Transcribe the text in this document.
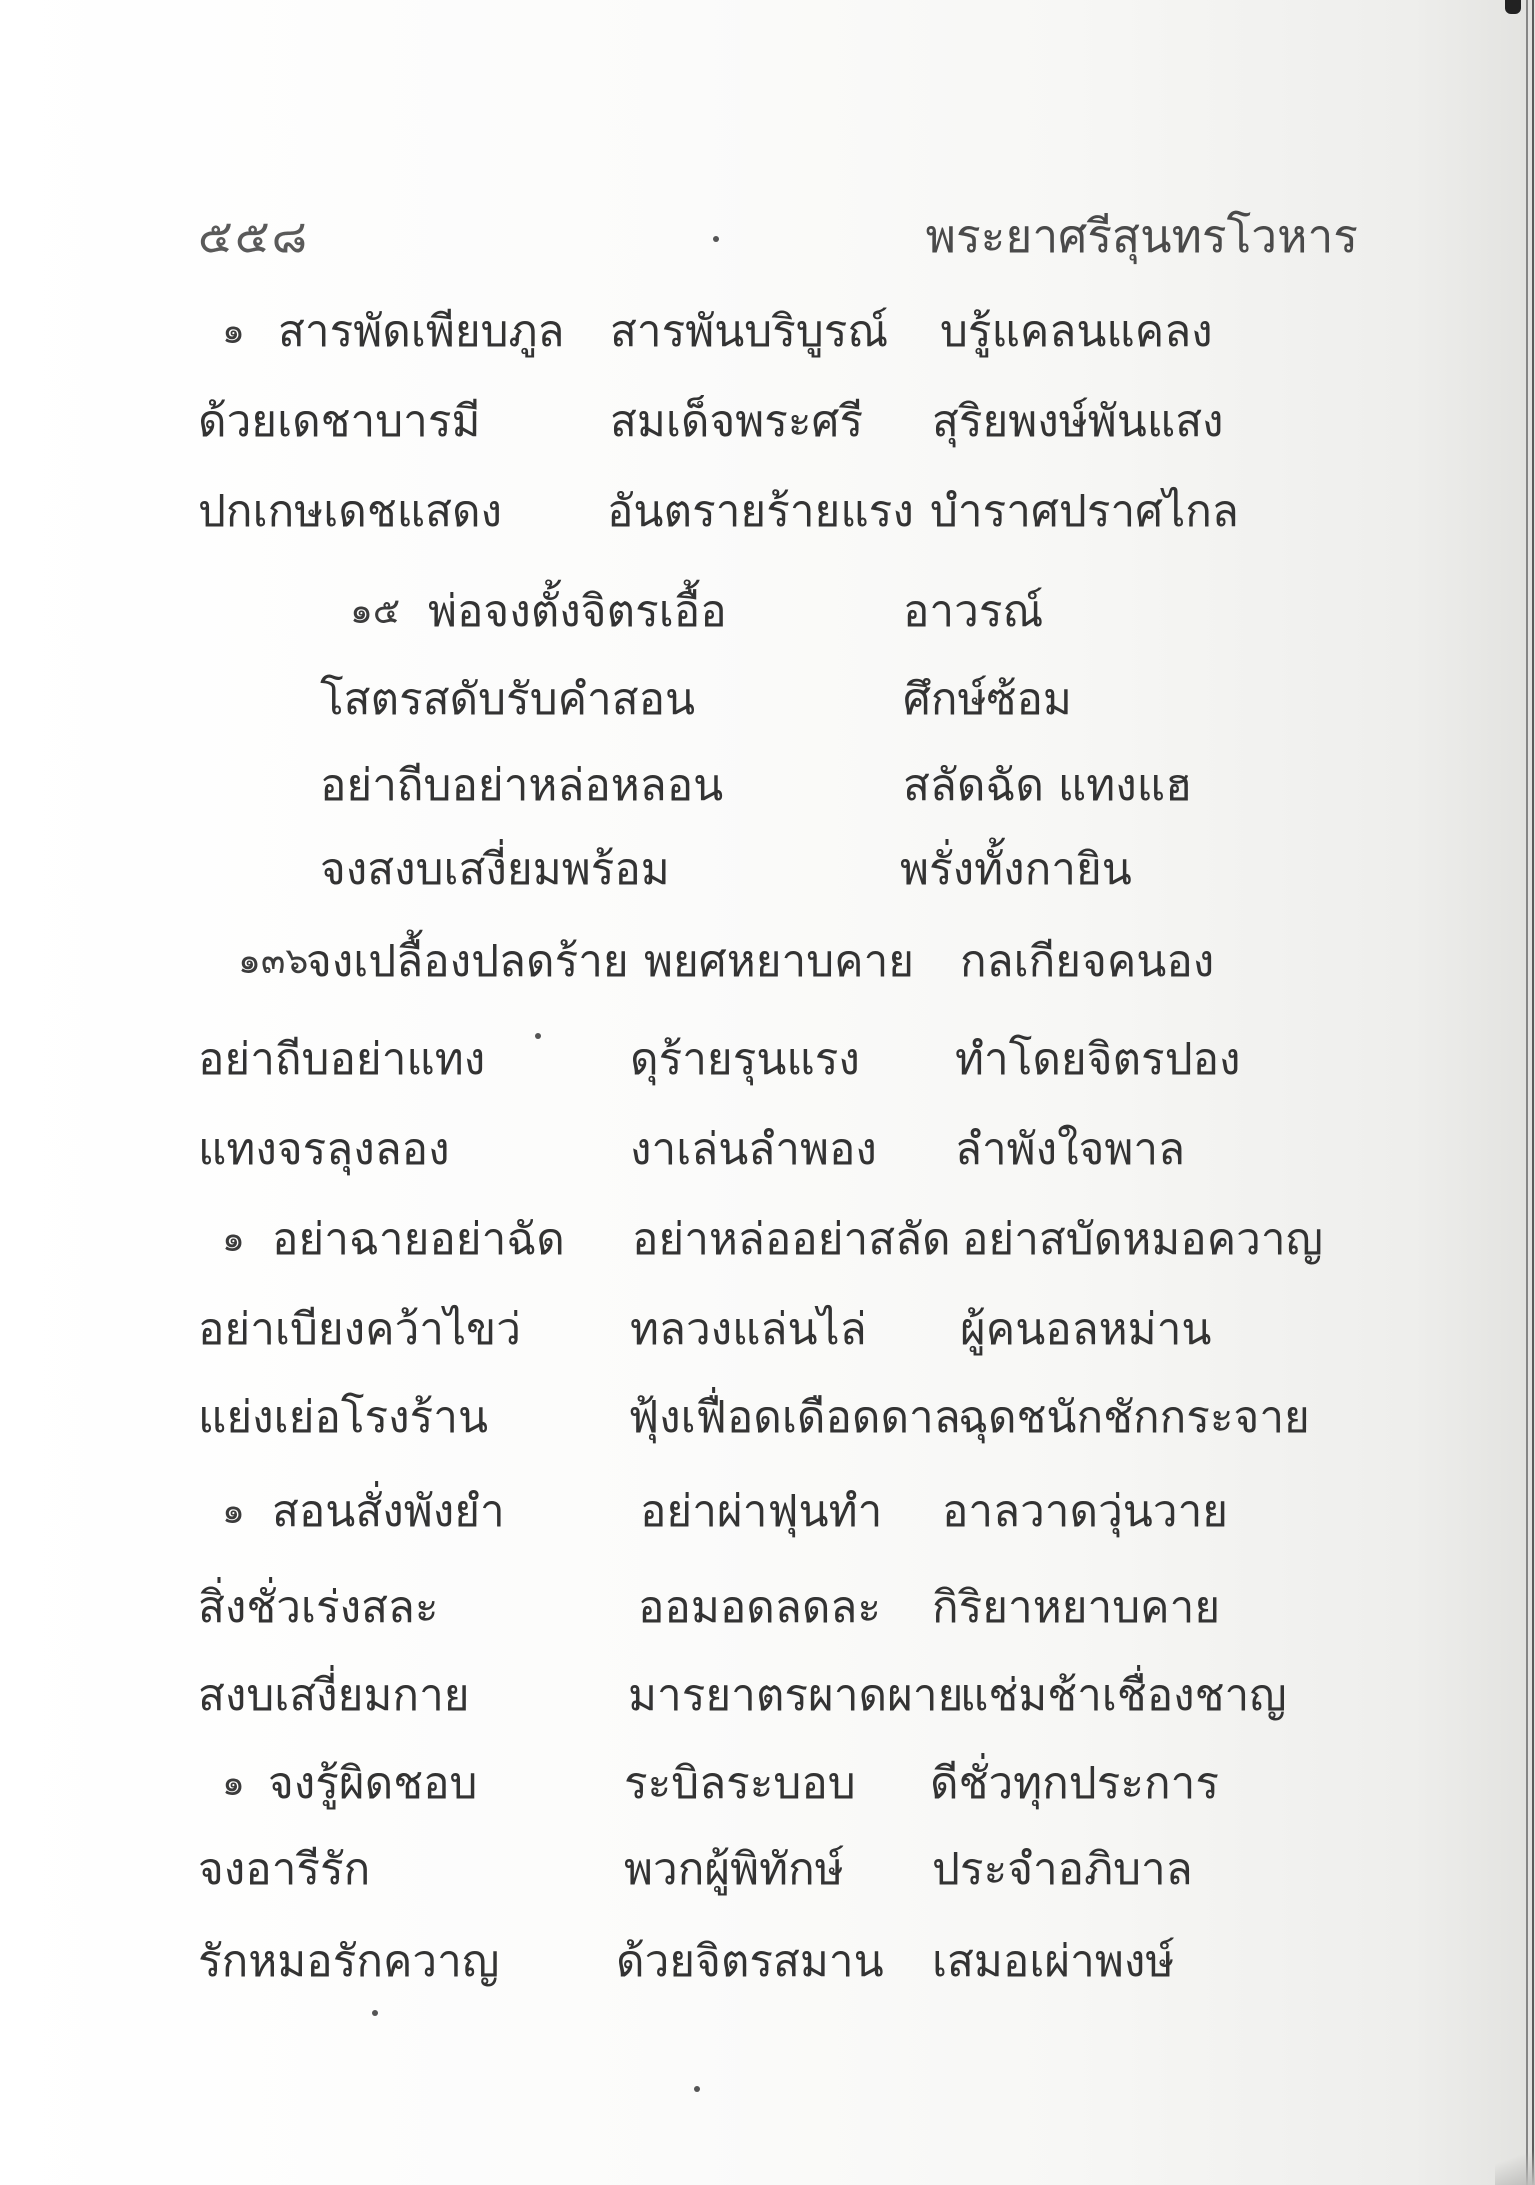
๕๕๘	พระยาศรีสุนทรโวหาร
๑ สารพัดเพียบภูล สารพันบริบูรณ์ บรู้แคลนแคลง
ด้วยเดชาบารมี	สมเด็จพระศรี สุริยพงษ์พันแสง
ปกเกษเดชแสดง อันตรายร้ายแรง บำราศปราศไกล
๑๕ พ่อจงตั้งจิตรเอื้อ	อาวรณ์
โสตรสดับรับคำสอน	ศึกษ์ซ้อม
อย่าถีบอย่าหล่อหลอน	สลัดฉัด แทงแฮ
จงสงบเสงี่ยมพร้อม	พรั่งทั้งกายิน
๑๓๖
จงเปลื้องปลดร้าย พยศหยาบคาย กลเกียจคนอง
อย่าถีบอย่าแทง	ดุร้ายรุนแรง ทำโดยจิตรปอง
แทงจรลุงลอง	งาเล่นลำพอง ลำพังใจพาล
๑ อย่าฉายอย่าฉัด อย่าหล่ออย่าสลัด อย่าสบัดหมอควาญ
อย่าเบียงคว้าไขว่ ทลวงแล่นไล่ ผู้คนอลหม่าน
แย่งเย่อโรงร้าน	ฟุ้งเฟื่อดเดือดดาล
ฉุดชนักชักกระจาย
๑ สอนสั่งพังยำ	อย่าผ่าฟุนทำ อาลวาดวุ่นวาย
สิ่งชั่วเร่งสละ	ออมอดลดละ กิริยาหยาบคาย
สงบเสงี่ยมกาย	มารยาตรผาดผาย
แช่มช้าเชื่องชาญ
๑ จงรู้ผิดชอบ	ระบิลระบอบ ดีชั่วทุกประการ
จงอารีรัก	พวกผู้พิทักษ์ ประจำอภิบาล
รักหมอรักควาญ	ด้วยจิตรสมาน เสมอเผ่าพงษ์
